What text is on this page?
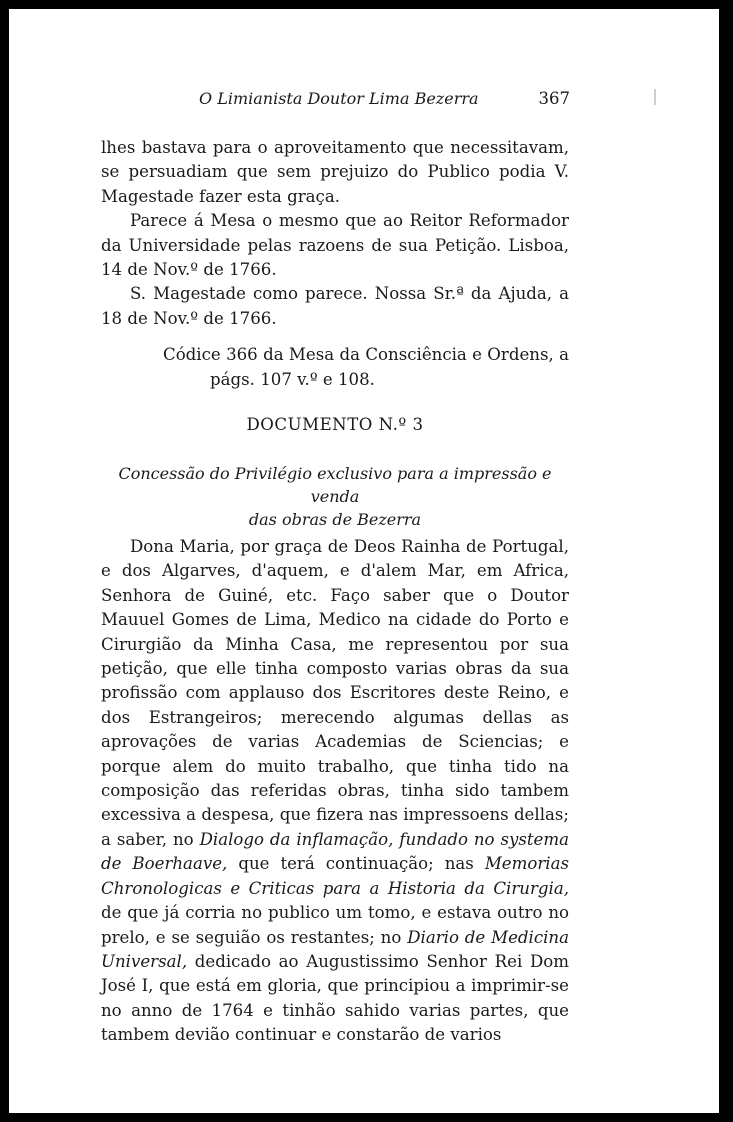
O Limianista Doutor Lima Bezerra	367

lhes bastava para o aproveitamento que necessitavam, se persuadiam que sem prejuizo do Publico podia V. Magestade fazer esta graça.

Parece á Mesa o mesmo que ao Reitor Reformador da Universidade pelas razoens de sua Petição. Lisboa, 14 de Nov.º de 1766.

S. Magestade como parece. Nossa Sr.ª da Ajuda, a 18 de Nov.º de 1766.

Códice 366 da Mesa da Consciência e Ordens, a págs. 107 v.º e 108.

DOCUMENTO N.º 3
Concessão do Privilégio exclusivo para a impressão e venda
das obras de Bezerra

Dona Maria, por graça de Deos Rainha de Portugal, e dos Algarves, d'aquem, e d'alem Mar, em Africa, Senhora de Guiné, etc. Faço saber que o Doutor Mauuel Gomes de Lima, Medico na cidade do Porto e Cirurgião da Minha Casa, me representou por sua petição, que elle tinha composto varias obras da sua profissão com applauso dos Escritores deste Reino, e dos Estrangeiros; merecendo algumas dellas as aprovações de varias Academias de Sciencias; e porque alem do muito trabalho, que tinha tido na composição das referidas obras, tinha sido tambem excessiva a despesa, que fizera nas impressoens dellas; a saber, no Dialogo da inflamação, fundado no systema de Boerhaave, que terá continuação; nas Memorias Chronologicas e Criticas para a Historia da Cirurgia, de que já corria no publico um tomo, e estava outro no prelo, e se seguião os restantes; no Diario de Medicina Universal, dedicado ao Augustissimo Senhor Rei Dom José I, que está em gloria, que principiou a imprimir-se no anno de 1764 e tinhão sahido varias partes, que tambem devião continuar e constarão de varios
